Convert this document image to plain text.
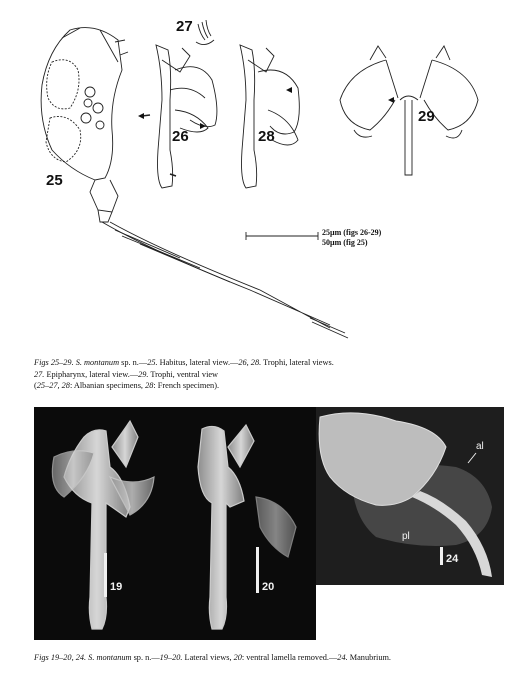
25
26
27
28
29
25µm (figs 26-29)
50µm (fig 25)
Figs 25–29. S. montanum sp. n.—25. Habitus, lateral view.—26, 28. Trophi, lateral views.
27. Epipharynx, lateral view.—29. Trophi, ventral view
(25–27, 28: Albanian specimens, 28: French specimen).
19	20
al
pl
24
Figs 19–20, 24. S. montanum sp. n.—19–20. Lateral views, 20: ventral lamella removed.—24. Manubrium.
